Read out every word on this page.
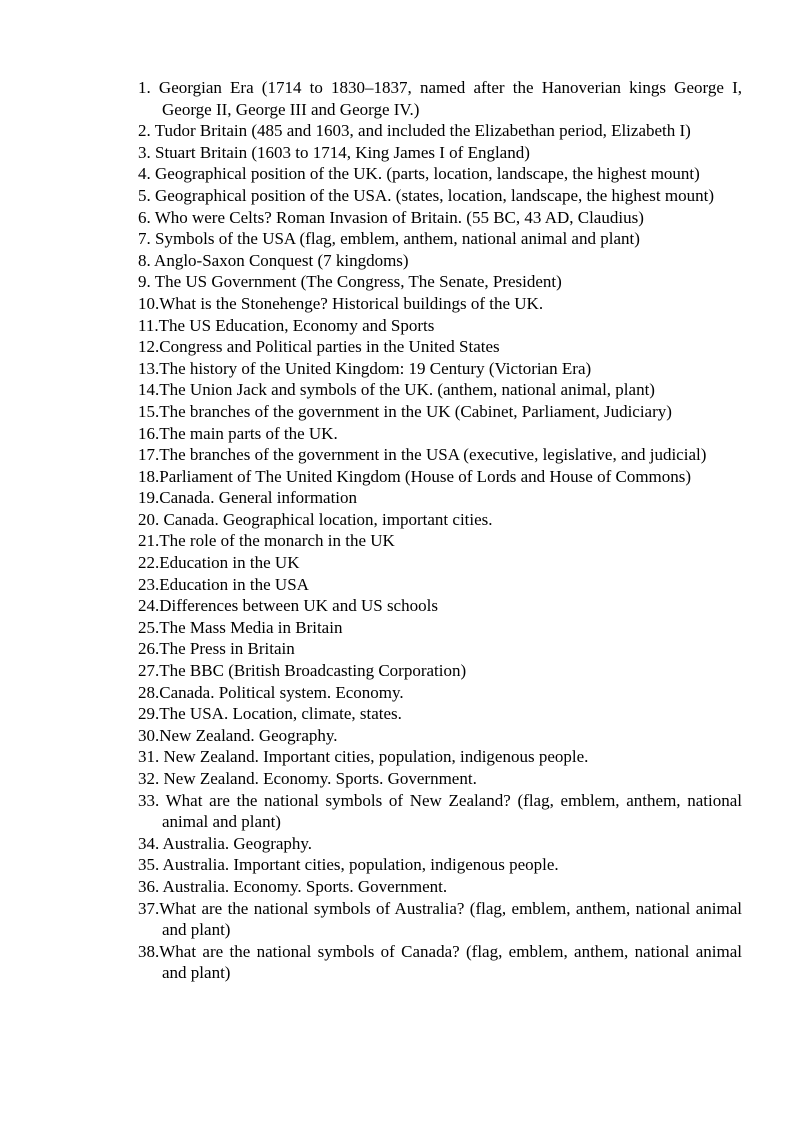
1. Georgian Era (1714 to 1830–1837, named after the Hanoverian kings George I, George II, George III and George IV.)
2. Tudor Britain (485 and 1603, and included the Elizabethan period, Elizabeth I)
3. Stuart Britain (1603 to 1714, King James I of England)
4. Geographical position of the UK. (parts, location, landscape, the highest mount)
5. Geographical position of the USA. (states, location, landscape, the highest mount)
6. Who were Celts? Roman Invasion of Britain. (55 BC, 43 AD, Claudius)
7. Symbols of the USA (flag, emblem, anthem, national animal and plant)
8. Anglo-Saxon Conquest (7 kingdoms)
9. The US Government (The Congress, The Senate, President)
10.What is the Stonehenge? Historical buildings of the UK.
11.The US Education, Economy and Sports
12.Congress and Political parties in the United States
13.The history of the United Kingdom: 19 Century (Victorian Era)
14.The Union Jack and symbols of the UK. (anthem, national animal, plant)
15.The branches of the government in the UK (Cabinet, Parliament, Judiciary)
16.The main parts of the UK.
17.The branches of the government in the USA (executive, legislative, and judicial)
18.Parliament of The United Kingdom (House of Lords and House of Commons)
19.Canada. General information
20. Canada. Geographical location, important cities.
21.The role of the monarch in the UK
22.Education in the UK
23.Education in the USA
24.Differences between UK and US schools
25.The Mass Media in Britain
26.The Press in Britain
27.The BBC (British Broadcasting Corporation)
28.Canada. Political system. Economy.
29.The USA. Location, climate, states.
30.New Zealand. Geography.
31. New Zealand. Important cities, population, indigenous people.
32. New Zealand. Economy. Sports. Government.
33. What are the national symbols of New Zealand? (flag, emblem, anthem, national animal and plant)
34. Australia. Geography.
35. Australia. Important cities, population, indigenous people.
36. Australia. Economy. Sports. Government.
37.What are the national symbols of Australia? (flag, emblem, anthem, national animal and plant)
38.What are the national symbols of Canada? (flag, emblem, anthem, national animal and plant)
